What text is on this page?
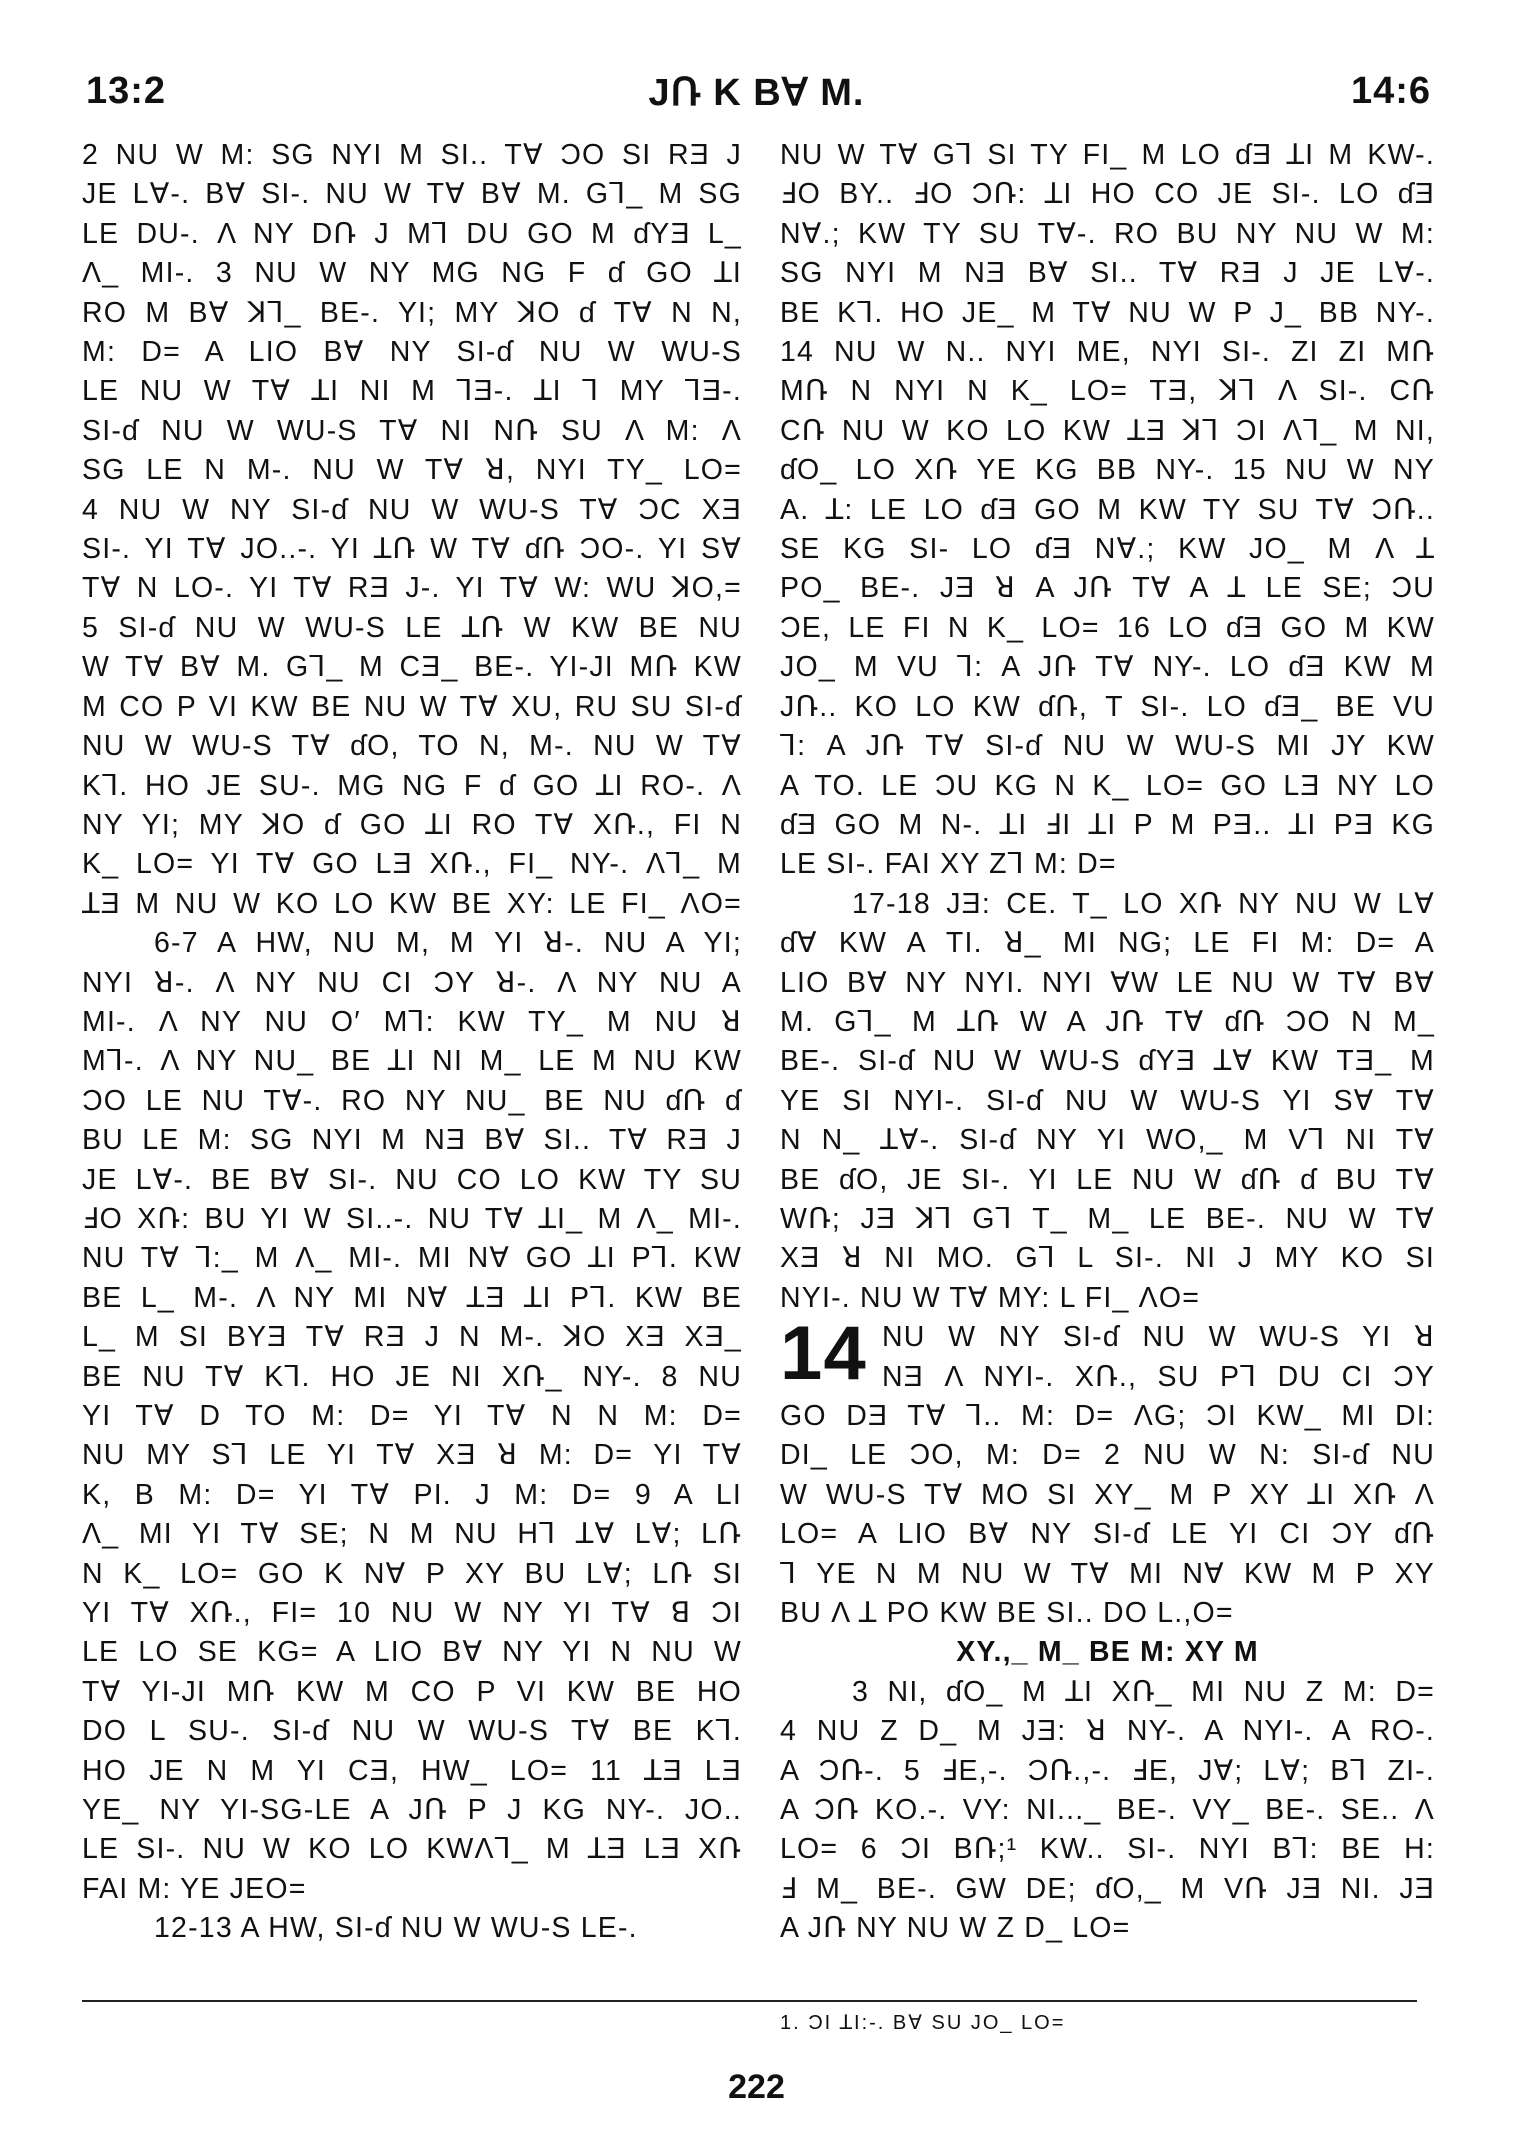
13:2	JՌ K BⱯ M.	14:6
2 NU W M: SG NYI M SI.. TⱯ ƆO SI RƎ J
JE LⱯ-. BⱯ SI-. NU W TⱯ BⱯ M. Gꓶ_ M SG
LE DU-. Λ NY DՌ J Mꓶ DU GO M ɗYƎ L_
Λ_ MI-. 3 NU W NY MG NG F ɗ GO ꓕI
RO M BⱯ ꓘꓶ_ BE-. YI; MY ꓘO ɗ TⱯ N N,
M: D= A LIO BⱯ NY SI-ɗ NU W WU-S
LE NU W TⱯ ꓕI NI M ꓶƎ-. ꓕI ꓶ MY ꓶƎ-.
SI-ɗ NU W WU-S TⱯ NI NՌ SU Λ M: Λ
SG LE N M-. NU W TⱯ ꓤ, NYI TY_ LO=
4 NU W NY SI-ɗ NU W WU-S TⱯ ƆC XƎ
SI-. YI TⱯ JO..-. YI ꓕՌ W TⱯ ɗՌ ƆO-. YI SⱯ
TⱯ N LO-. YI TⱯ RƎ J-. YI TⱯ W: WU ꓘO,=
5 SI-ɗ NU W WU-S LE ꓕՌ W KW BE NU
W TⱯ BⱯ M. Gꓶ_ M CƎ_ BE-. YI-JI MՌ KW
M CO P VI KW BE NU W TⱯ XU, RU SU SI-ɗ
NU W WU-S TⱯ ɗO, TO N, M-. NU W TⱯ
Kꓶ. HO JE SU-. MG NG F ɗ GO ꓕI RO-. Λ
NY YI; MY ꓘO ɗ GO ꓕI RO TⱯ XՌ., FI N
K_ LO= YI TⱯ GO LƎ XՌ., FI_ NY-. Λꓶ_ M
ꓕƎ M NU W KO LO KW BE XY: LE FI_ ΛO=
6-7 A HW, NU M, M YI ꓤ-. NU A YI;
NYI ꓤ-. Λ NY NU CI ƆY ꓤ-. Λ NY NU A
MI-. Λ NY NU O′ Mꓶ: KW TY_ M NU ꓤ
Mꓶ-. Λ NY NU_ BE ꓕI NI M_ LE M NU KW
ƆO LE NU TⱯ-. RO NY NU_ BE NU ɗՌ ɗ
BU LE M: SG NYI M NƎ BⱯ SI.. TⱯ RƎ J
JE LⱯ-. BE BⱯ SI-. NU CO LO KW TY SU
ℲO XՌ: BU YI W SI..-. NU TⱯ ꓕI_ M Λ_ MI-.
NU TⱯ ꓶ:_ M Λ_ MI-. MI NⱯ GO ꓕI Pꓶ. KW
BE L_ M-. Λ NY MI NⱯ ꓕƎ ꓕI Pꓶ. KW BE
L_ M SI BYƎ TⱯ RƎ J N M-. ꓘO XƎ XƎ_
BE NU TⱯ Kꓶ. HO JE NI XՌ_ NY-. 8 NU
YI TⱯ D TO M: D= YI TⱯ N N M: D=
NU MY Sꓶ LE YI TⱯ XƎ ꓤ M: D= YI TⱯ
K, B M: D= YI TⱯ PI. J M: D= 9 A LI
Λ_ MI YI TⱯ SE; N M NU Hꓶ ꓕⱯ LⱯ; LՌ
N K_ LO= GO K NⱯ P XY BU LⱯ; LՌ SI
YI TⱯ XՌ., FI= 10 NU W NY YI TⱯ ꓭ ƆI
LE LO SE KG= A LIO BⱯ NY YI N NU W
TⱯ YI-JI MՌ KW M CO P VI KW BE HO
DO L SU-. SI-ɗ NU W WU-S TⱯ BE Kꓶ.
HO JE N M YI CƎ, HW_ LO= 11 ꓕƎ LƎ
YE_ NY YI-SG-LE A JՌ P J KG NY-. JO..
LE SI-. NU W KO LO KWΛꓶ_ M ꓕƎ LƎ XՌ
FAI M: YE JEO=
12-13 A HW, SI-ɗ NU W WU-S LE-.
NU W TⱯ Gꓶ SI TY FI_ M LO ɗƎ ꓕI M KW-.
ℲO BY.. ℲO ƆՌ: ꓕI HO CO JE SI-. LO ɗƎ
NⱯ.; KW TY SU TⱯ-. RO BU NY NU W M:
SG NYI M NƎ BⱯ SI.. TⱯ RƎ J JE LⱯ-.
BE Kꓶ. HO JE_ M TⱯ NU W P J_ BB NY-.
14 NU W N.. NYI ME, NYI SI-. ZI ZI MՌ
MՌ N NYI N K_ LO= TƎ, ꓘꓶ Λ SI-. CՌ
CՌ NU W KO LO KW ꓕƎ ꓘꓶ ƆI Λꓶ_ M NI,
ɗO_ LO XՌ YE KG BB NY-. 15 NU W NY
A. ꓕ: LE LO ɗƎ GO M KW TY SU TⱯ ƆՌ..
SE KG SI- LO ɗƎ NⱯ.; KW JO_ M Λ ꓕ
PO_ BE-. JƎ ꓤ A JՌ TⱯ A ꓕ LE SE; ƆU
ƆE, LE FI N K_ LO= 16 LO ɗƎ GO M KW
JO_ M VU ꓶ: A JՌ TⱯ NY-. LO ɗƎ KW M
JՌ.. KO LO KW ɗՌ, T SI-. LO ɗƎ_ BE VU
ꓶ: A JՌ TⱯ SI-ɗ NU W WU-S MI JY KW
A TO. LE ƆU KG N K_ LO= GO LƎ NY LO
ɗƎ GO M N-. ꓕI ℲI ꓕI P M PƎ.. ꓕI PƎ KG
LE SI-. FAI XY Zꓶ M: D=
17-18 JƎ: CE. T_ LO XՌ NY NU W LⱯ
ɗⱯ KW A TI. ꓤ_ MI NG; LE FI M: D= A
LIO BⱯ NY NYI. NYI ⱯW LE NU W TⱯ BⱯ
M. Gꓶ_ M ꓕՌ W A JՌ TⱯ ɗՌ ƆO N M_
BE-. SI-ɗ NU W WU-S ɗYƎ ꓕⱯ KW TƎ_ M
YE SI NYI-. SI-ɗ NU W WU-S YI SⱯ TⱯ
N N_ ꓕⱯ-. SI-ɗ NY YI WO,_ M Vꓶ NI TⱯ
BE ɗO, JE SI-. YI LE NU W ɗՌ ɗ BU TⱯ
WՌ; JƎ ꓘꓶ Gꓶ T_ M_ LE BE-. NU W TⱯ
XƎ ꓤ NI MO. Gꓶ L SI-. NI J MY KO SI
NYI-. NU W TⱯ MY: L FI_ ΛO=
14 NU W NY SI-ɗ NU W WU-S YI ꓤ
NƎ Λ NYI-. XՌ., SU Pꓶ DU CI ƆY
GO DƎ TⱯ ꓶ.. M: D= ΛG; ƆI KW_ MI DI:
DI_ LE ƆO, M: D= 2 NU W N: SI-ɗ NU
W WU-S TⱯ MO SI XY_ M P XY ꓕI XՌ Λ
LO= A LIO BⱯ NY SI-ɗ LE YI CI ƆY ɗՌ
ꓶ YE N M NU W TⱯ MI NⱯ KW M P XY
BU Λ ꓕ PO KW BE SI.. DO L.,O=
XY.,_ M_ BE M: XY M
3 NI, ɗO_ M ꓕI XՌ_ MI NU Z M: D=
4 NU Z D_ M JƎ: ꓤ NY-. A NYI-. A RO-.
A ƆՌ-. 5 ℲE,-. ƆՌ.,-. ℲE, JⱯ; LⱯ; Bꓶ ZI-.
A ƆՌ KO.-. VY: NI..._ BE-. VY_ BE-. SE.. Λ
LO= 6 ƆI BՌ;¹ KW.. SI-. NYI Bꓶ: BE H:
Ⅎ M_ BE-. GW DE; ɗO,_ M VՌ JƎ NI. JƎ
A JՌ NY NU W Z D_ LO=
1. ƆI ꓕI:-. BⱯ SU JO_ LO=
222
